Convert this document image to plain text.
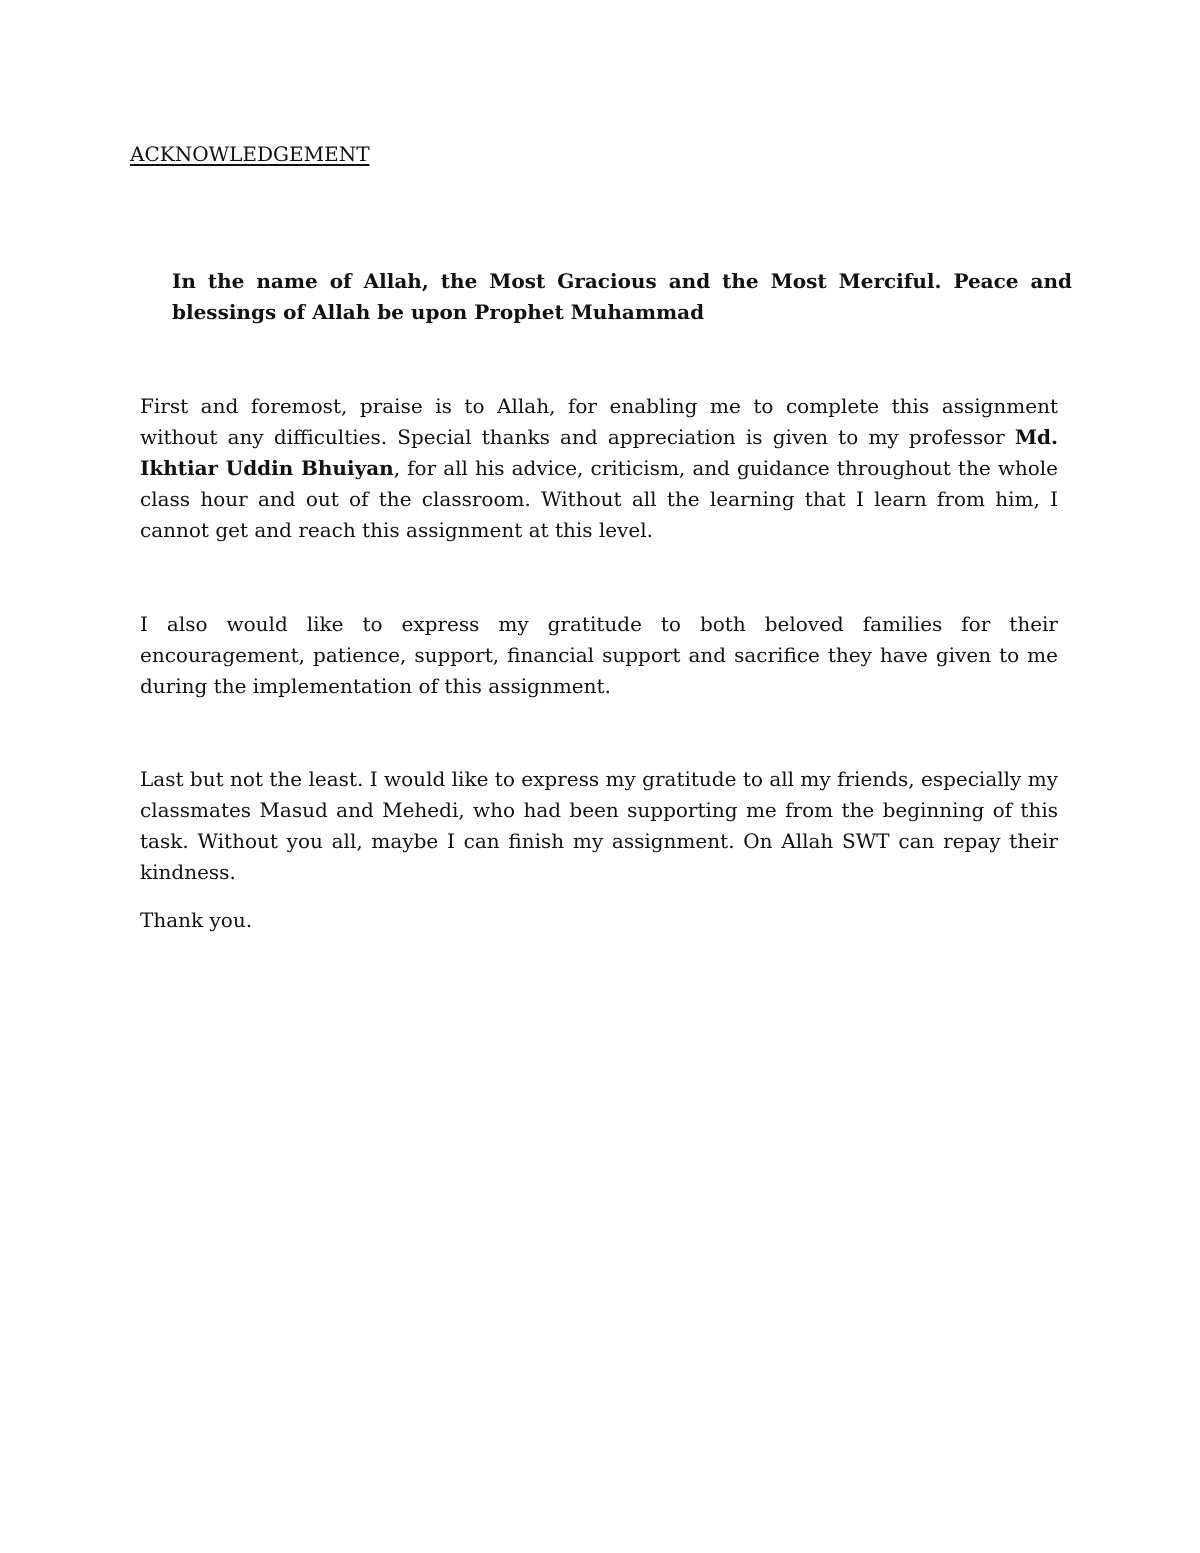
ACKNOWLEDGEMENT
In the name of Allah, the Most Gracious and the Most Merciful. Peace and blessings of Allah be upon Prophet Muhammad

First and foremost, praise is to Allah, for enabling me to complete this assignment without any difficulties. Special thanks and appreciation is given to my professor Md. Ikhtiar Uddin Bhuiyan, for all his advice, criticism, and guidance throughout the whole class hour and out of the classroom. Without all the learning that I learn from him, I cannot get and reach this assignment at this level.

I also would like to express my gratitude to both beloved families for their encouragement, patience, support, financial support and sacrifice they have given to me during the implementation of this assignment.

Last but not the least. I would like to express my gratitude to all my friends, especially my classmates Masud and Mehedi, who had been supporting me from the beginning of this task. Without you all, maybe I can finish my assignment. On Allah SWT can repay their kindness.

Thank you.
